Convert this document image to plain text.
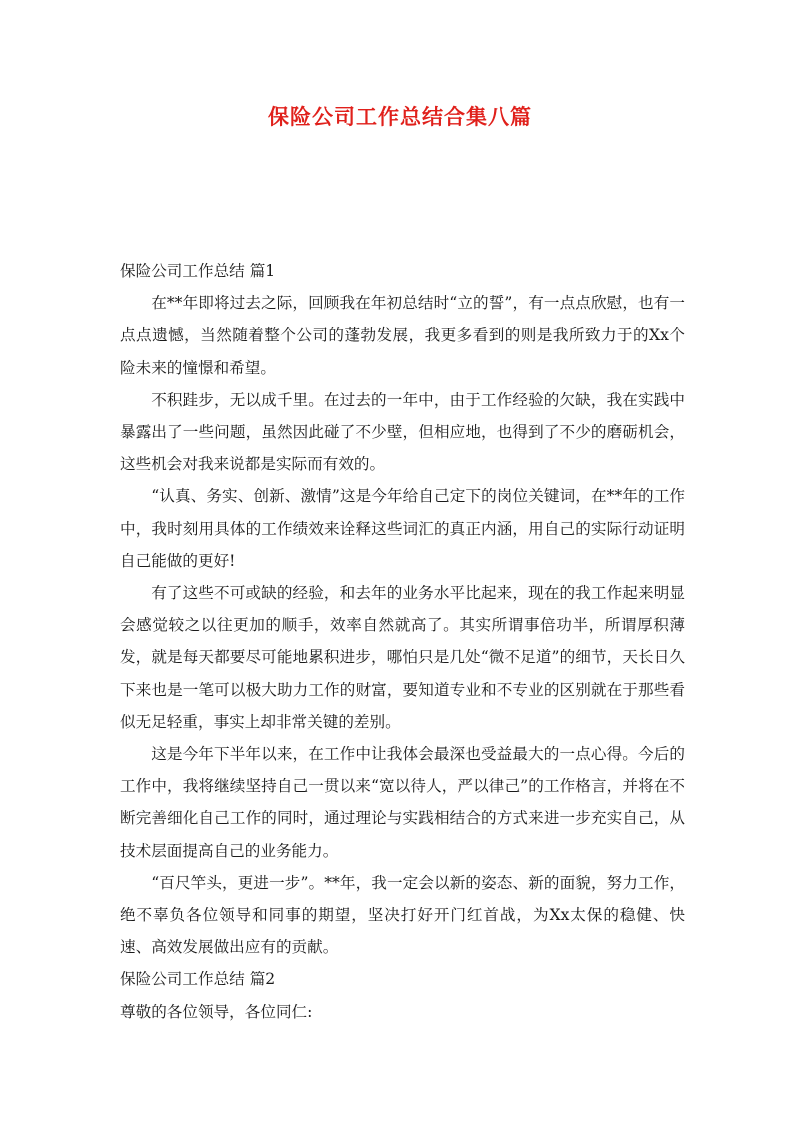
保险公司工作总结合集八篇

保险公司工作总结 篇1

在**年即将过去之际，回顾我在年初总结时“立的誓”，有一点点欣慰，也有一点点遗憾，当然随着整个公司的蓬勃发展，我更多看到的则是我所致力于的Xx个险未来的憧憬和希望。

不积跬步，无以成千里。在过去的一年中，由于工作经验的欠缺，我在实践中暴露出了一些问题，虽然因此碰了不少壁，但相应地，也得到了不少的磨砺机会，这些机会对我来说都是实际而有效的。

“认真、务实、创新、激情”这是今年给自己定下的岗位关键词，在**年的工作中，我时刻用具体的工作绩效来诠释这些词汇的真正内涵，用自己的实际行动证明自己能做的更好!

有了这些不可或缺的经验，和去年的业务水平比起来，现在的我工作起来明显会感觉较之以往更加的顺手，效率自然就高了。其实所谓事倍功半，所谓厚积薄发，就是每天都要尽可能地累积进步，哪怕只是几处“微不足道”的细节，天长日久下来也是一笔可以极大助力工作的财富，要知道专业和不专业的区别就在于那些看似无足轻重，事实上却非常关键的差别。

这是今年下半年以来，在工作中让我体会最深也受益最大的一点心得。今后的工作中，我将继续坚持自己一贯以来“宽以待人，严以律己”的工作格言，并将在不断完善细化自己工作的同时，通过理论与实践相结合的方式来进一步充实自己，从技术层面提高自己的业务能力。

“百尺竿头，更进一步”。**年，我一定会以新的姿态、新的面貌，努力工作，绝不辜负各位领导和同事的期望，坚决打好开门红首战，为Xx太保的稳健、快速、高效发展做出应有的贡献。

保险公司工作总结 篇2

尊敬的各位领导，各位同仁:
